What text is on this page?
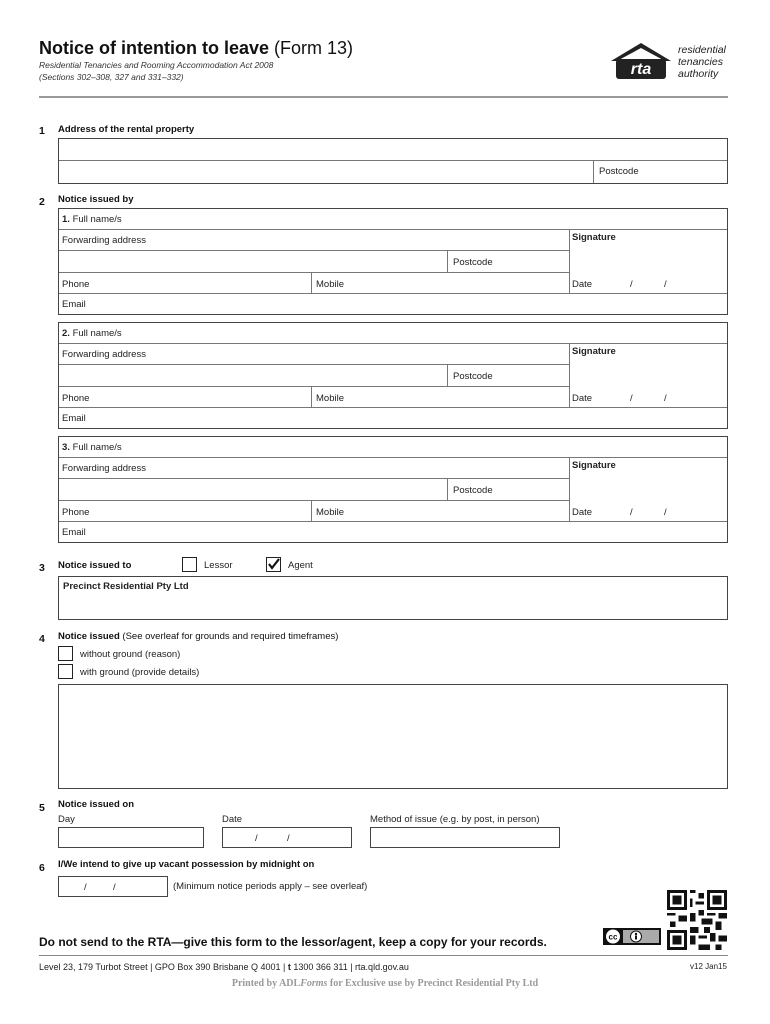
Notice of intention to leave (Form 13)
Residential Tenancies and Rooming Accommodation Act 2008
(Sections 302–308, 327 and 331–332)	rta
residential
tenancies
authority
1 Address of the rental property
Postcode
2 Notice issued by
1. Full name/s
Forwarding address
Postcode
Phone	Mobile
Email
Signature
Date	/	/
2. Full name/s
Forwarding address
Postcode
Phone	Mobile
Email
Signature
Date	/	/
3. Full name/s
Forwarding address
Postcode
Phone	Mobile
Email
Signature
Date	/	/
3 Notice issued to	Lessor	Agent
Precinct Residential Pty Ltd
4 Notice issued (See overleaf for grounds and required timeframes)
without ground (reason)
with ground (provide details)
5 Notice issued on
Day	Date
/	/
Method of issue (e.g. by post, in person)
6 I/We intend to give up vacant possession by midnight on
/	/	(Minimum notice periods apply – see overleaf)
cc
Do not send to the RTA—give this form to the lessor/agent, keep a copy for your records.
Level 23, 179 Turbot Street | GPO Box 390 Brisbane Q 4001 | t 1300 366 311 | rta.qld.gov.au	v12 Jan15
Printed by ADLForms for Exclusive use by Precinct Residential Pty Ltd
